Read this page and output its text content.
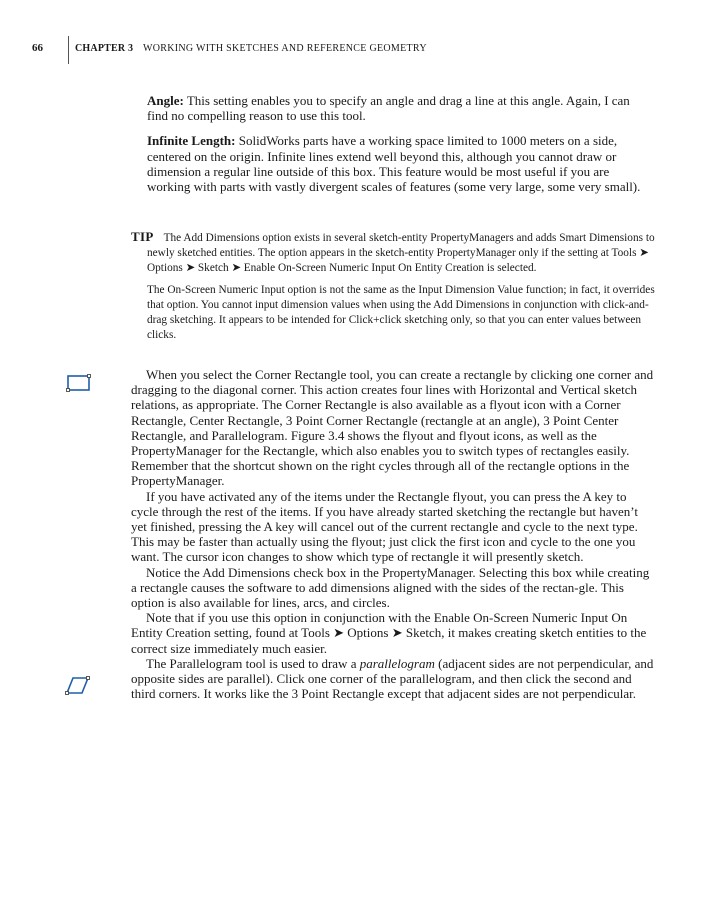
66	CHAPTER 3 WORKING WITH SKETCHES AND REFERENCE GEOMETRY

Angle: This setting enables you to specify an angle and drag a line at this angle. Again, I can find no compelling reason to use this tool.

Infinite Length: SolidWorks parts have a working space limited to 1000 meters on a side, centered on the origin. Infinite lines extend well beyond this, although you cannot draw or dimension a regular line outside of this box. This feature would be most useful if you are working with parts with vastly divergent scales of features (some very large, some very small).

TIP The Add Dimensions option exists in several sketch-entity PropertyManagers and adds Smart Dimensions to newly sketched entities. The option appears in the sketch-entity PropertyManager only if the setting at Tools ➤ Options ➤ Sketch ➤ Enable On-Screen Numeric Input On Entity Creation is selected.

The On-Screen Numeric Input option is not the same as the Input Dimension Value function; in fact, it overrides that option. You cannot input dimension values when using the Add Dimensions in conjunction with click-and-drag sketching. It appears to be intended for Click+click sketching only, so that you can enter values between clicks.

When you select the Corner Rectangle tool, you can create a rectangle by clicking one corner and dragging to the diagonal corner. This action creates four lines with Horizontal and Vertical sketch relations, as appropriate. The Corner Rectangle is also available as a flyout icon with a Corner Rectangle, Center Rectangle, 3 Point Corner Rectangle (rectangle at an angle), 3 Point Center Rectangle, and Parallelogram. Figure 3.4 shows the flyout and flyout icons, as well as the PropertyManager for the Rectangle, which also enables you to switch types of rectangles easily. Remember that the shortcut shown on the right cycles through all of the rectangle options in the PropertyManager.

If you have activated any of the items under the Rectangle flyout, you can press the A key to cycle through the rest of the items. If you have already started sketching the rectangle but haven’t yet finished, pressing the A key will cancel out of the current rectangle and cycle to the next type. This may be faster than actually using the flyout; just click the first icon and cycle to the one you want. The cursor icon changes to show which type of rectangle it will presently sketch.

Notice the Add Dimensions check box in the PropertyManager. Selecting this box while creating a rectangle causes the software to add dimensions aligned with the sides of the rectan-gle. This option is also available for lines, arcs, and circles.

Note that if you use this option in conjunction with the Enable On-Screen Numeric Input On Entity Creation setting, found at Tools ➤ Options ➤ Sketch, it makes creating sketch entities to the correct size immediately much easier.

The Parallelogram tool is used to draw a parallelogram (adjacent sides are not perpendicular, and opposite sides are parallel). Click one corner of the parallelogram, and then click the second and third corners. It works like the 3 Point Rectangle except that adjacent sides are not perpendicular.
